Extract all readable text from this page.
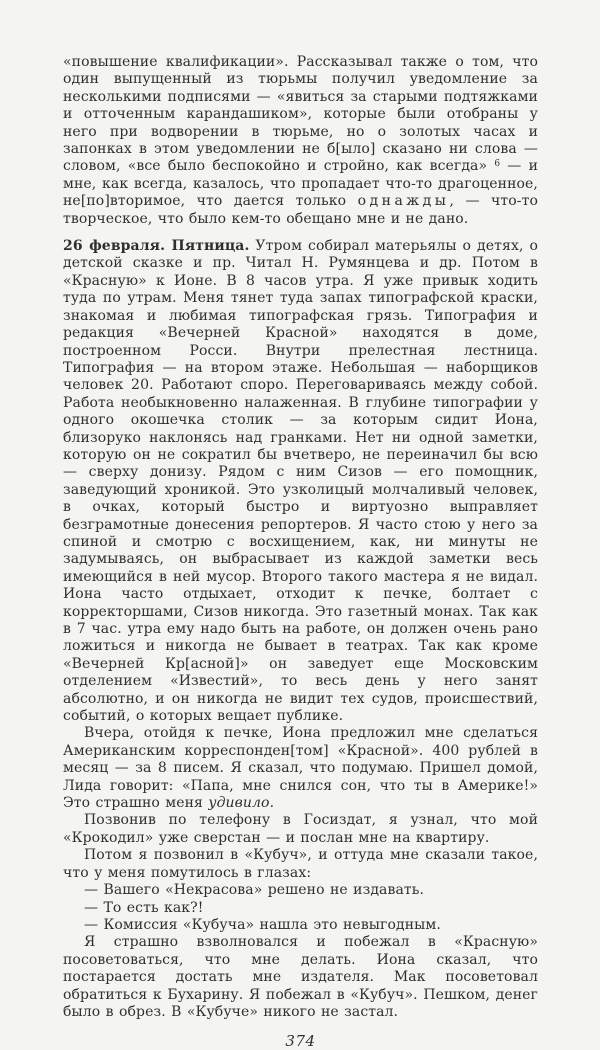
«повышение квалификации». Рассказывал также о том, что один выпущенный из тюрьмы получил уведомление за несколькими подписями — «явиться за старыми подтяжками и отточенным карандашиком», которые были отобраны у него при водворении в тюрьме, но о золотых часах и запонках в этом уведомлении не б[ыло] сказано ни слова — словом, «все было беспокойно и стройно, как всегда» $^6$ — и мне, как всегда, казалось, что пропадает что-то драгоценное, не[по]вторимое, что дается только однажды, — что-то творческое, что было кем-то обещано мне и не дано.

26 февраля. Пятница. Утром собирал матерьялы о детях, о детской сказке и пр. Читал Н. Румянцева и др. Потом в «Красную» к Ионе. В 8 часов утра. Я уже привык ходить туда по утрам. Меня тянет туда запах типографской краски, знакомая и любимая типографская грязь. Типография и редакция «Вечерней Красной» находятся в доме, построенном Росси. Внутри прелестная лестница. Типография — на втором этаже. Небольшая — наборщиков человек 20. Работают споро. Переговариваясь между собой. Работа необыкновенно налаженная. В глубине типографии у одного окошечка столик — за которым сидит Иона, близоруко наклонясь над гранками. Нет ни одной заметки, которую он не сократил бы вчетверо, не переиначил бы всю — сверху донизу. Рядом с ним Сизов — его помощник, заведующий хроникой. Это узколицый молчаливый человек, в очках, который быстро и виртуозно выправляет безграмотные донесения репортеров. Я часто стою у него за спиной и смотрю с восхищением, как, ни минуты не задумываясь, он выбрасывает из каждой заметки весь имеющийся в ней мусор. Второго такого мастера я не видал. Иона часто отдыхает, отходит к печке, болтает с корректоршами, Сизов никогда. Это газетный монах. Так как в 7 час. утра ему надо быть на работе, он должен очень рано ложиться и никогда не бывает в театрах. Так как кроме «Вечерней Кр[асной]» он заведует еще Московским отделением «Известий», то весь день у него занят абсолютно, и он никогда не видит тех судов, происшествий, событий, о которых вещает публике.

Вчера, отойдя к печке, Иона предложил мне сделаться Американским корреспонден[том] «Красной». 400 рублей в месяц — за 8 писем. Я сказал, что подумаю. Пришел домой, Лида говорит: «Папа, мне снился сон, что ты в Америке!» Это страшно меня удивило.

Позвонив по телефону в Госиздат, я узнал, что мой «Крокодил» уже сверстан — и послан мне на квартиру.

Потом я позвонил в «Кубуч», и оттуда мне сказали такое, что у меня помутилось в глазах:

— Вашего «Некрасова» решено не издавать.

— То есть как?!

— Комиссия «Кубуча» нашла это невыгодным.

Я страшно взволновался и побежал в «Красную» посоветоваться, что мне делать. Иона сказал, что постарается достать мне издателя. Мак посоветовал обратиться к Бухарину. Я побежал в «Кубуч». Пешком, денег было в обрез. В «Кубуче» никого не застал.

374
